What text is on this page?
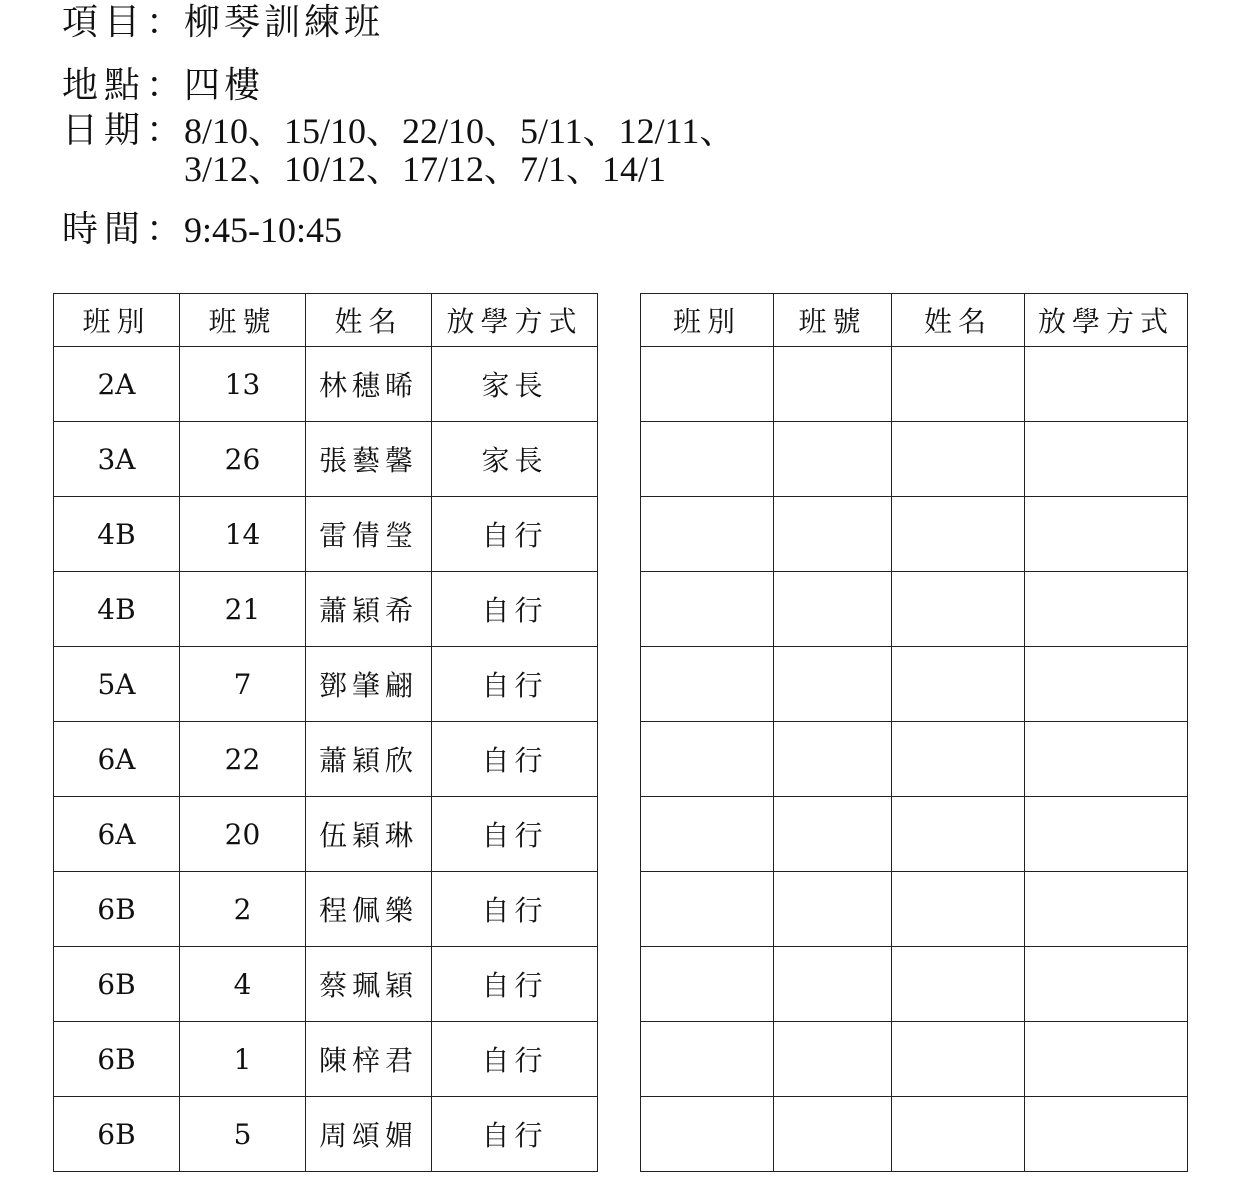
項目：柳琴訓練班
地點：四樓
日期：8/10、15/10、22/10、5/11、12/11、
3/12、10/12、17/12、7/1、14/1
時間：9:45-10:45
班別	班號	姓名	放學方式
2A	13	林穗晞	家長
3A	26	張藝馨	家長
4B	14	雷倩瑩	自行
4B	21	蕭穎希	自行
5A	7	鄧肇翩	自行
6A	22	蕭穎欣	自行
6A	20	伍穎琳	自行
6B	2	程佩樂	自行
6B	4	蔡珮穎	自行
6B	1	陳梓君	自行
6B	5	周頌媚	自行
班別	班號	姓名	放學方式
